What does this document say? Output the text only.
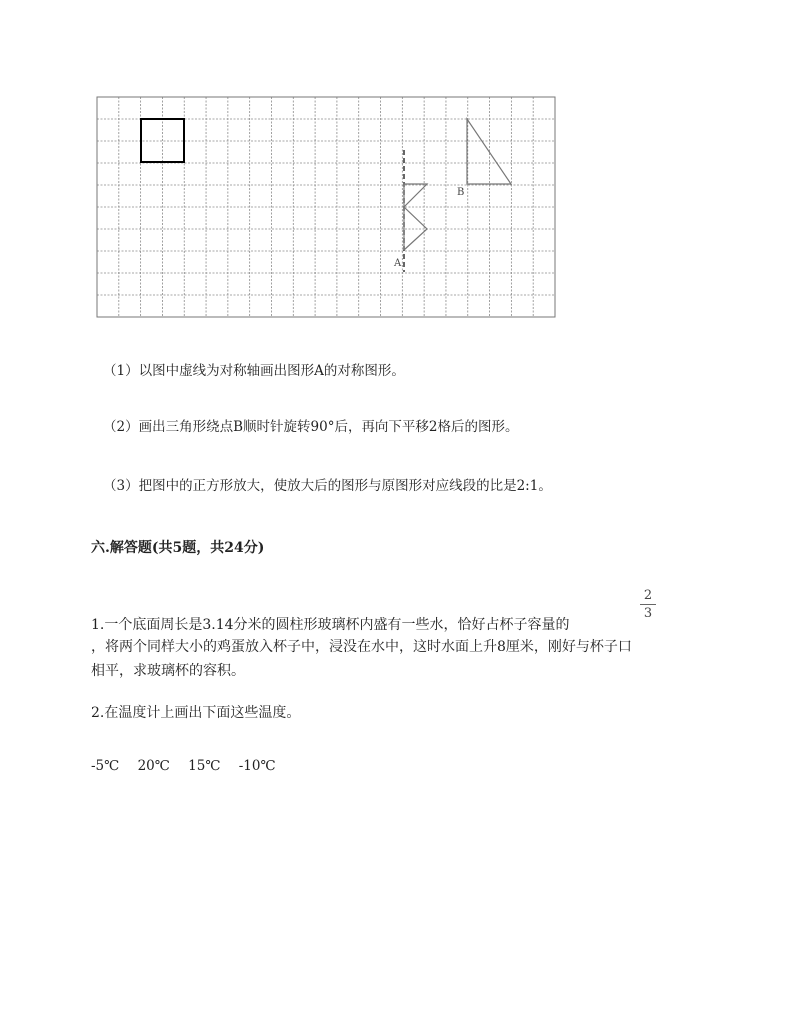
A
B
（1）以图中虚线为对称轴画出图形A的对称图形。
（2）画出三角形绕点B顺时针旋转90°后，再向下平移2格后的图形。
（3）把图中的正方形放大，使放大后的图形与原图形对应线段的比是2:1。
六.解答题(共5题，共24分)
1.一个底面周长是3.14分米的圆柱形玻璃杯内盛有一些水，恰好占杯子容量的
2
3
，将两个同样大小的鸡蛋放入杯子中，浸没在水中，这时水面上升8厘米，刚好与杯子口
相平，求玻璃杯的容积。
2.在温度计上画出下面这些温度。
-5℃ 20℃ 15℃ -10℃
